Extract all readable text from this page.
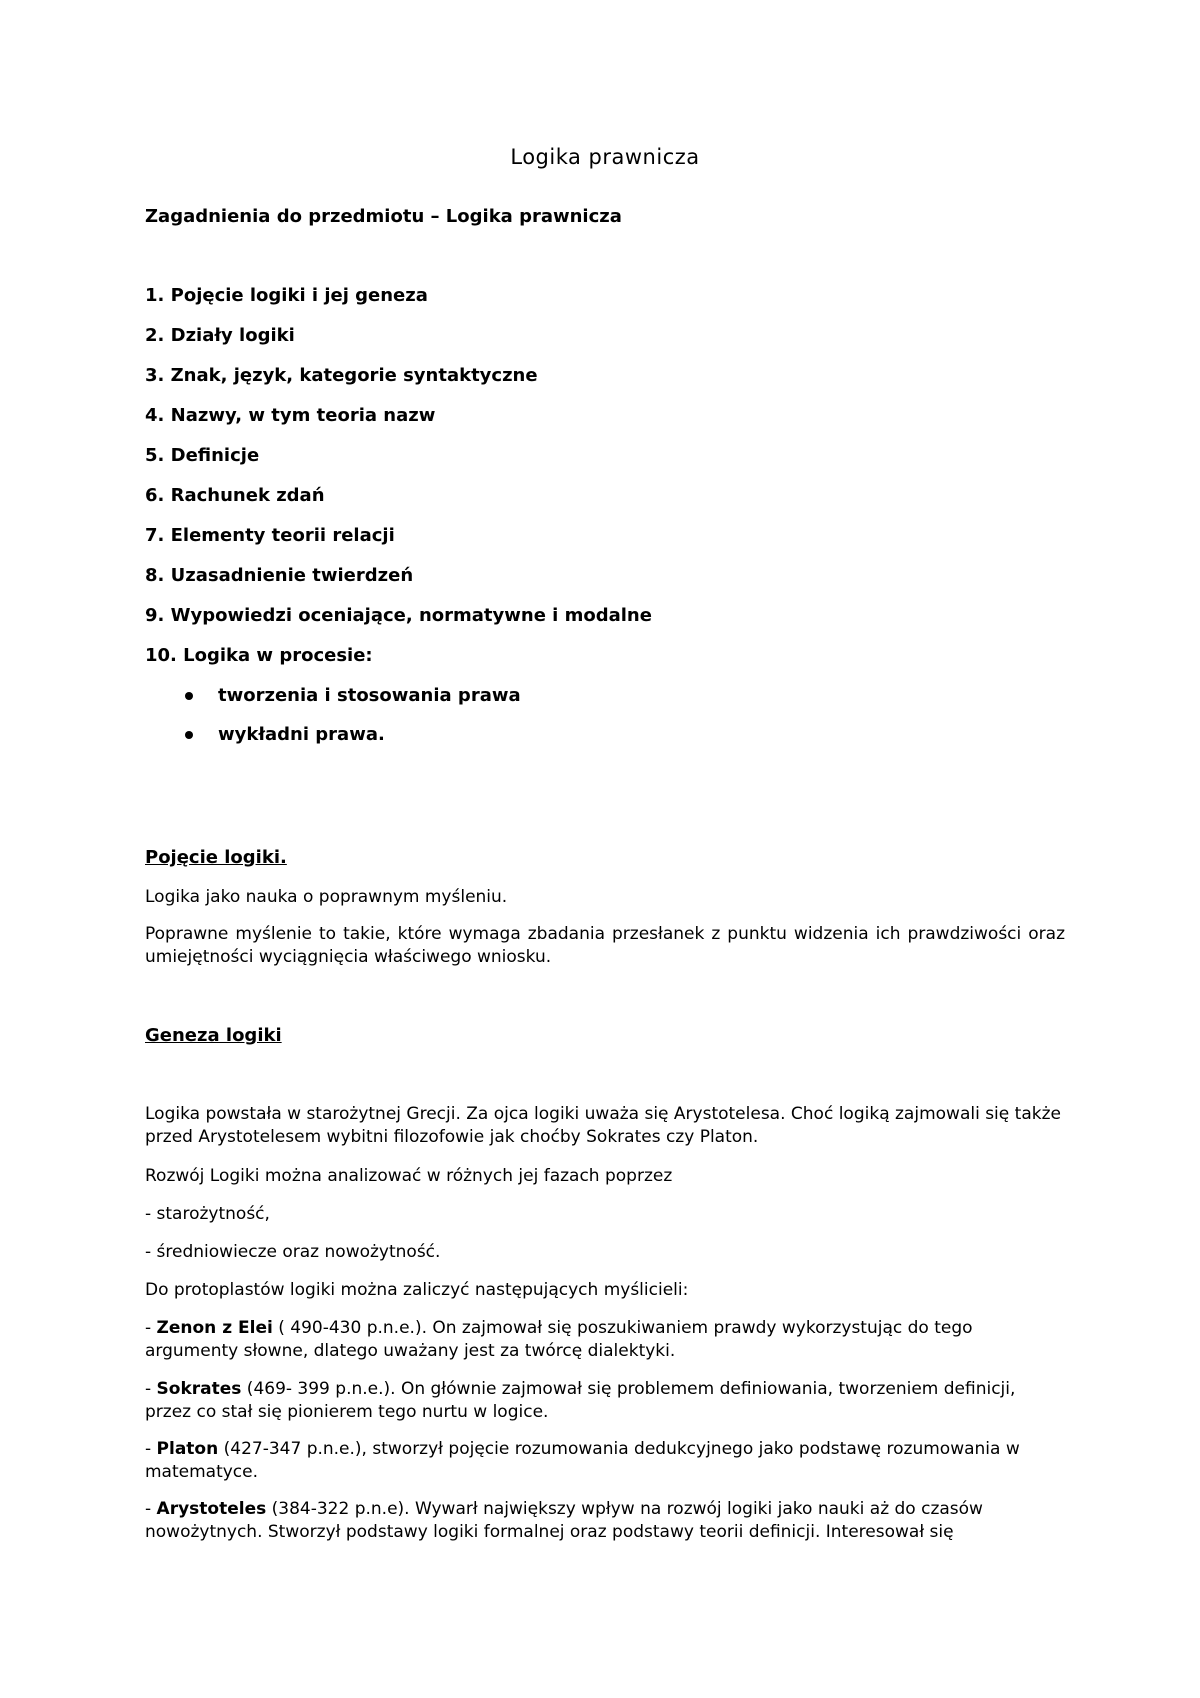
Logika prawnicza
Zagadnienia do przedmiotu – Logika prawnicza
1. Pojęcie logiki i jej geneza
2. Działy logiki
3. Znak, język, kategorie syntaktyczne
4. Nazwy, w tym teoria nazw
5. Definicje
6. Rachunek zdań
7. Elementy teorii relacji
8. Uzasadnienie twierdzeń
9. Wypowiedzi oceniające, normatywne i modalne
10. Logika w procesie:
tworzenia i stosowania prawa
wykładni prawa.
Pojęcie logiki.
Logika jako nauka o poprawnym myśleniu.
Poprawne myślenie to takie, które wymaga zbadania przesłanek z punktu widzenia ich prawdziwości oraz umiejętności wyciągnięcia właściwego wniosku.
Geneza logiki
Logika powstała w starożytnej Grecji. Za ojca logiki uważa się Arystotelesa. Choć logiką zajmowali się także przed Arystotelesem wybitni filozofowie jak choćby Sokrates czy Platon.
Rozwój Logiki można analizować w różnych jej fazach poprzez
- starożytność,
- średniowiecze oraz nowożytność.
Do protoplastów logiki można zaliczyć następujących myślicieli:
- Zenon z Elei ( 490-430 p.n.e.). On zajmował się poszukiwaniem prawdy wykorzystując do tego argumenty słowne, dlatego uważany jest za twórcę dialektyki.
- Sokrates (469- 399 p.n.e.). On głównie zajmował się problemem definiowania, tworzeniem definicji, przez co stał się pionierem tego nurtu w logice.
- Platon (427-347 p.n.e.), stworzył pojęcie rozumowania dedukcyjnego jako podstawę rozumowania w matematyce.
- Arystoteles (384-322 p.n.e). Wywarł największy wpływ na rozwój logiki jako nauki aż do czasów nowożytnych. Stworzył podstawy logiki formalnej oraz podstawy teorii definicji. Interesował się
